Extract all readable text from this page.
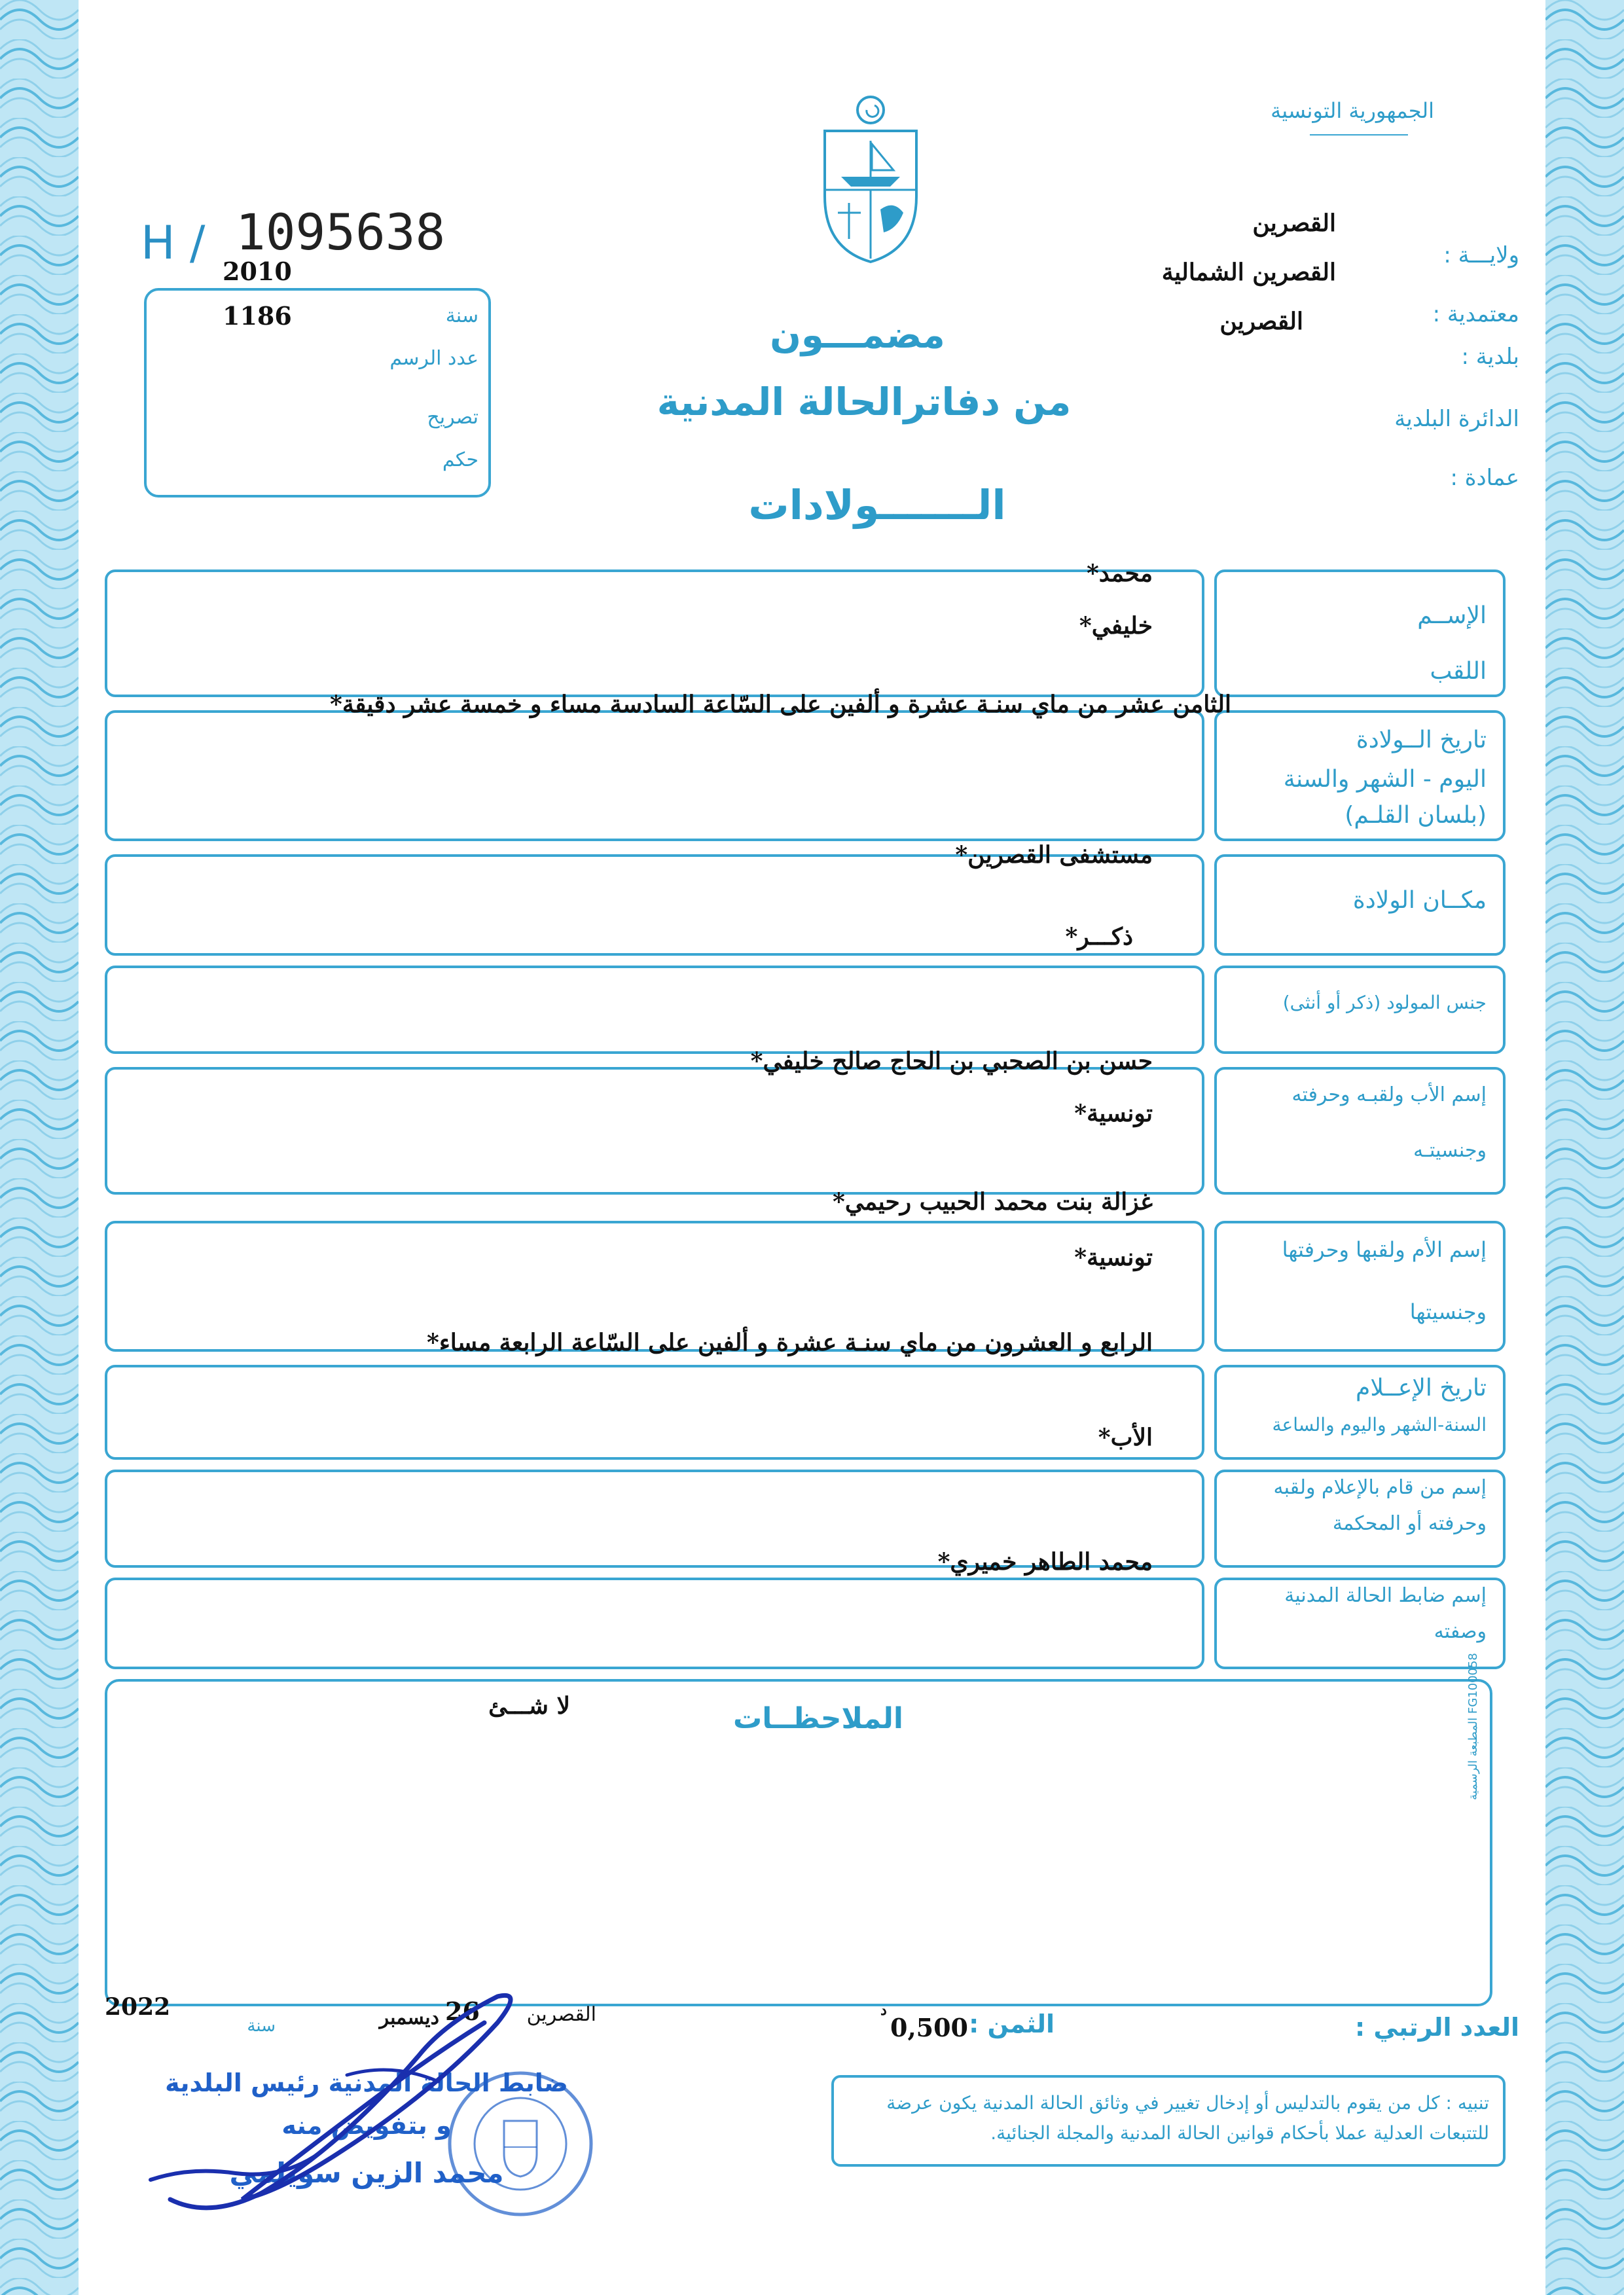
الجمهورية التونسية
ولايـــة :
القصرين
معتمدية :
القصرين الشمالية
بلدية :
القصرين
الدائرة البلدية
عمادة :
H / 1095638
2010
سنة
1186
عدد الرسم
تصريح
حكم
مضمـــون
من دفاترالحالة المدنية
الـــــــولادات
الإســم
اللقب
محمد*
خليفي*
تاريخ الــولادة
اليوم - الشهر والسنة
(بلسان القلـم)
الثامن عشر من ماي سنـة عشرة و ألفين على السّاعة السادسة مساء و خمسة عشر دقيقة*
مكــان الولادة
مستشفى القصرين*
جنس المولود (ذكر أو أنثى)
ذكـــر*
إسم الأب ولقبـه وحرفته
وجنسيتـه
حسن بن الصحبي بن الحاج صالح خليفي*
تونسية*
إسم الأم ولقبها وحرفتها
وجنسيتها
غزالة بنت محمد الحبيب رحيمي*
تونسية*
تاريخ الإعــلام
السنة-الشهر واليوم والساعة
الرابع و العشرون من ماي سنـة عشرة و ألفين على السّاعة الرابعة مساء*
إسم من قام بالإعلام ولقبه
وحرفته أو المحكمة
الأب*
إسم ضابط الحالة المدنية
وصفته
محمد الطاهر خميري*
الملاحظــات
لا شـــئ
المطبعة الرسمية FG100058
العدد الرتبي :
الثمن :
0,500
د
القصرين
26
ديسمبر
سنة
2022
تنبيه : كل من يقوم بالتدليس أو إدخال تغيير في وثائق الحالة المدنية يكون عرضة للتتبعات العدلية عملا بأحكام قوانين الحالة المدنية والمجلة الجنائية.
ضابط الحالة المدنية رئيس البلدية
و بتفويض منه
محمد الزين سويلمي
